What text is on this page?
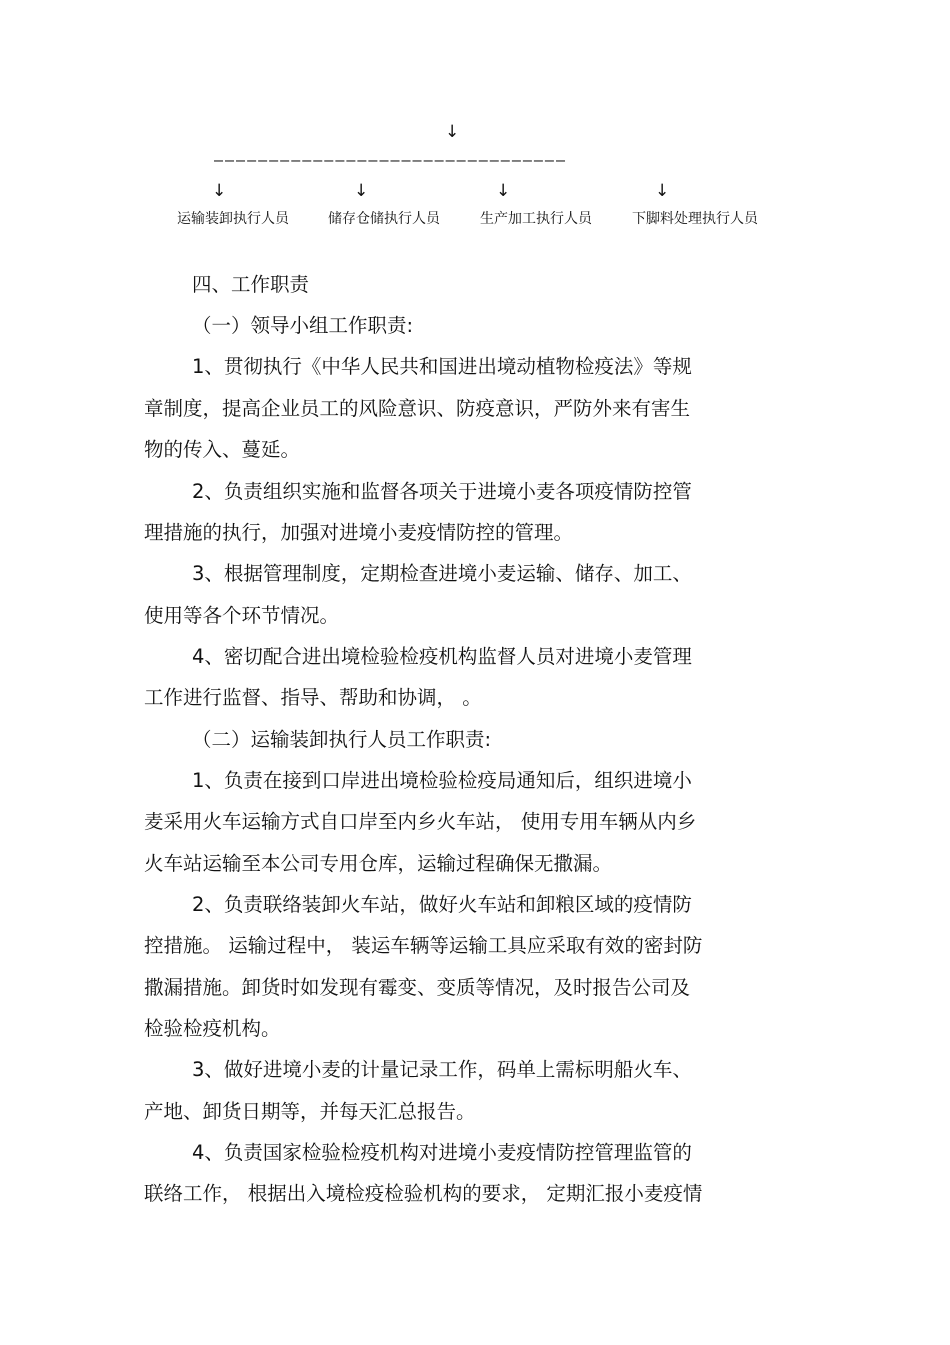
↓
––––––––––––––––––––––––––––––––
↓	↓	↓	↓
运输装卸执行人员	储存仓储执行人员	生产加工执行人员	下脚料处理执行人员
四、工作职责
（一）领导小组工作职责:
1、贯彻执行《中华人民共和国进出境动植物检疫法》等规
章制度，提高企业员工的风险意识、防疫意识，严防外来有害生
物的传入、蔓延。
2、负责组织实施和监督各项关于进境小麦各项疫情防控管
理措施的执行，加强对进境小麦疫情防控的管理。
3、根据管理制度，定期检查进境小麦运输、储存、加工、
使用等各个环节情况。
4、密切配合进出境检验检疫机构监督人员对进境小麦管理
工作进行监督、指导、帮助和协调， 。
（二）运输装卸执行人员工作职责:
1、负责在接到口岸进出境检验检疫局通知后，组织进境小
麦采用火车运输方式自口岸至内乡火车站， 使用专用车辆从内乡
火车站运输至本公司专用仓库，运输过程确保无撒漏。
2、负责联络装卸火车站，做好火车站和卸粮区域的疫情防
控措施。 运输过程中， 装运车辆等运输工具应采取有效的密封防
撒漏措施。卸货时如发现有霉变、变质等情况，及时报告公司及
检验检疫机构。
3、做好进境小麦的计量记录工作，码单上需标明船火车、
产地、卸货日期等，并每天汇总报告。
4、负责国家检验检疫机构对进境小麦疫情防控管理监管的
联络工作， 根据出入境检疫检验机构的要求， 定期汇报小麦疫情
